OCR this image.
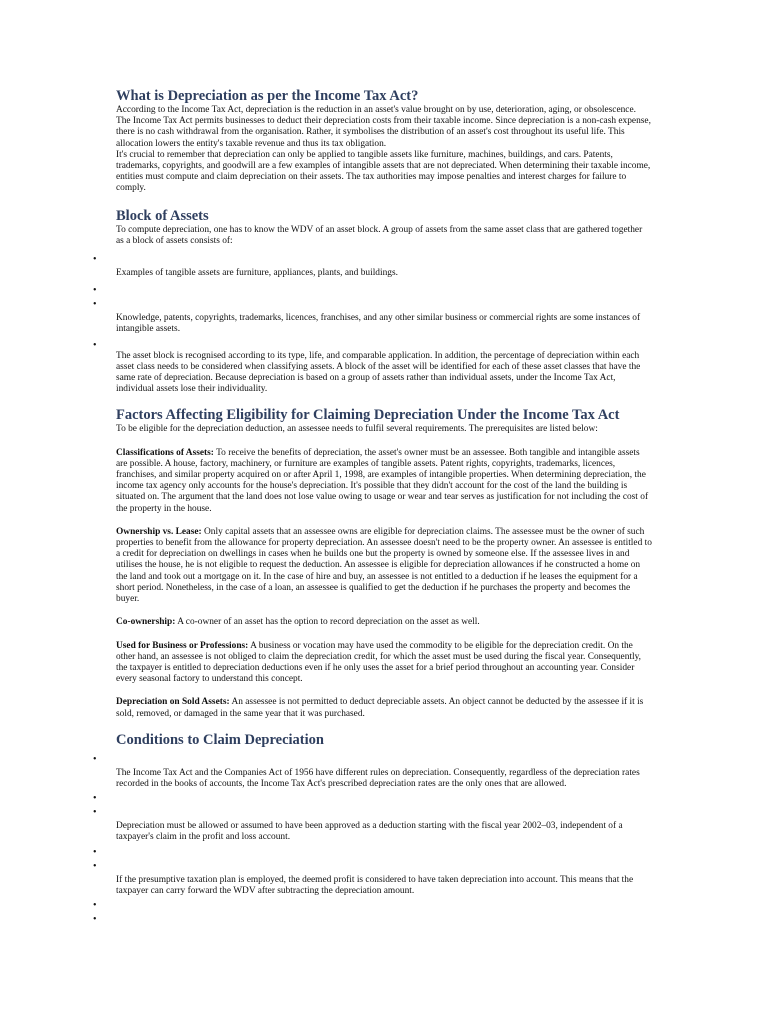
What is Depreciation as per the Income Tax Act?

According to the Income Tax Act, depreciation is the reduction in an asset's value brought on by use, deterioration, aging, or obsolescence. The Income Tax Act permits businesses to deduct their depreciation costs from their taxable income. Since depreciation is a non-cash expense, there is no cash withdrawal from the organisation. Rather, it symbolises the distribution of an asset's cost throughout its useful life. This allocation lowers the entity's taxable revenue and thus its tax obligation.

It's crucial to remember that depreciation can only be applied to tangible assets like furniture, machines, buildings, and cars. Patents, trademarks, copyrights, and goodwill are a few examples of intangible assets that are not depreciated. When determining their taxable income, entities must compute and claim depreciation on their assets. The tax authorities may impose penalties and interest charges for failure to comply.

Block of Assets

To compute depreciation, one has to know the WDV of an asset block. A group of assets from the same asset class that are gathered together as a block of assets consists of:

•

Examples of tangible assets are furniture, appliances, plants, and buildings.

•
•

Knowledge, patents, copyrights, trademarks, licences, franchises, and any other similar business or commercial rights are some instances of intangible assets.

•

The asset block is recognised according to its type, life, and comparable application. In addition, the percentage of depreciation within each asset class needs to be considered when classifying assets. A block of the asset will be identified for each of these asset classes that have the same rate of depreciation. Because depreciation is based on a group of assets rather than individual assets, under the Income Tax Act, individual assets lose their individuality.

Factors Affecting Eligibility for Claiming Depreciation Under the Income Tax Act

To be eligible for the depreciation deduction, an assessee needs to fulfil several requirements. The prerequisites are listed below:

Classifications of Assets: To receive the benefits of depreciation, the asset's owner must be an assessee. Both tangible and intangible assets are possible. A house, factory, machinery, or furniture are examples of tangible assets. Patent rights, copyrights, trademarks, licences, franchises, and similar property acquired on or after April 1, 1998, are examples of intangible properties. When determining depreciation, the income tax agency only accounts for the house's depreciation. It's possible that they didn't account for the cost of the land the building is situated on. The argument that the land does not lose value owing to usage or wear and tear serves as justification for not including the cost of the property in the house.

Ownership vs. Lease: Only capital assets that an assessee owns are eligible for depreciation claims. The assessee must be the owner of such properties to benefit from the allowance for property depreciation. An assessee doesn't need to be the property owner. An assessee is entitled to a credit for depreciation on dwellings in cases when he builds one but the property is owned by someone else. If the assessee lives in and utilises the house, he is not eligible to request the deduction. An assessee is eligible for depreciation allowances if he constructed a home on the land and took out a mortgage on it. In the case of hire and buy, an assessee is not entitled to a deduction if he leases the equipment for a short period. Nonetheless, in the case of a loan, an assessee is qualified to get the deduction if he purchases the property and becomes the buyer.

Co-ownership: A co-owner of an asset has the option to record depreciation on the asset as well.

Used for Business or Professions: A business or vocation may have used the commodity to be eligible for the depreciation credit. On the other hand, an assessee is not obliged to claim the depreciation credit, for which the asset must be used during the fiscal year. Consequently, the taxpayer is entitled to depreciation deductions even if he only uses the asset for a brief period throughout an accounting year. Consider every seasonal factory to understand this concept.

Depreciation on Sold Assets: An assessee is not permitted to deduct depreciable assets. An object cannot be deducted by the assessee if it is sold, removed, or damaged in the same year that it was purchased.

Conditions to Claim Depreciation
•

The Income Tax Act and the Companies Act of 1956 have different rules on depreciation. Consequently, regardless of the depreciation rates recorded in the books of accounts, the Income Tax Act's prescribed depreciation rates are the only ones that are allowed.

•
•

Depreciation must be allowed or assumed to have been approved as a deduction starting with the fiscal year 2002–03, independent of a taxpayer's claim in the profit and loss account.

•
•

If the presumptive taxation plan is employed, the deemed profit is considered to have taken depreciation into account. This means that the taxpayer can carry forward the WDV after subtracting the depreciation amount.

•
•
